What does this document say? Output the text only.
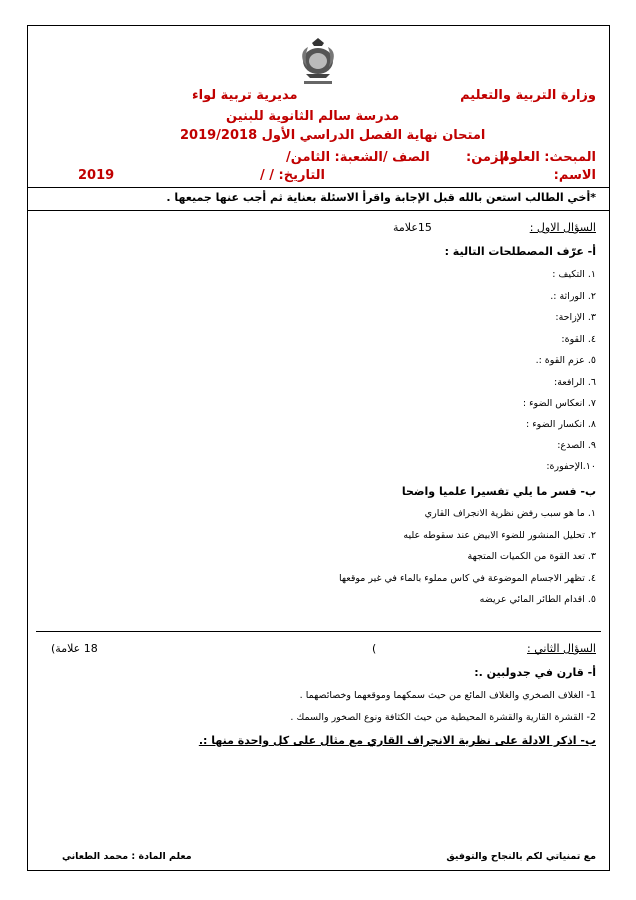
وزارة التربية والتعليم
مديرية تربية لواء
مدرسة سالم الثانوية للبنين
امتحان نهاية الفصل الدراسي الأول 2019/2018
المبحث: العلوم
الزمن:
الصف /الشعبة: الثامن/
الاسم:
التاريخ: / /
2019
*أخي الطالب استعن بالله قبل الإجابة واقرأ الاسئلة بعناية ثم أجب عنها جميعها .
السؤال الاول :
15علامة
أ- عرّف المصطلحات التالية :
١. التكيف :
٢. الوراثة :.
٣. الإزاحة:
٤. القوة:
٥. عزم القوة :.
٦. الرافعة:
٧. انعكاس الضوء :
٨. انكسار الضوء :
٩. الصدع:
١٠.الإحفورة:
ب- فسر ما يلي تفسيرا علميا واضحا
١. ما هو سبب رفض نظرية الانجراف القاري
٢. تحليل المنشور للضوء الابيض عند سقوطه عليه
٣. تعد القوة من الكميات المتجهة
٤. تظهر الاجسام الموضوعة في كاس مملوء بالماء في غير موقعها
٥. اقدام الطائر المائي عريضه
السؤال الثاني :
(
18 علامة)
أ- قارن في جدولبين .:
1- الغلاف الصخري والغلاف المائع من حيث سمكهما وموقعهما وخصائصهما .
2- القشرة القارية والقشرة المحيطية من حيث الكثافة ونوع الصخور والسمك .
ب- اذكر الادلة على نظرية الانجراف القاري مع مثال على كل واحدة منها :.
مع تمنياتي لكم بالنجاح والتوفيق
معلم المادة : محمد الطعاني
